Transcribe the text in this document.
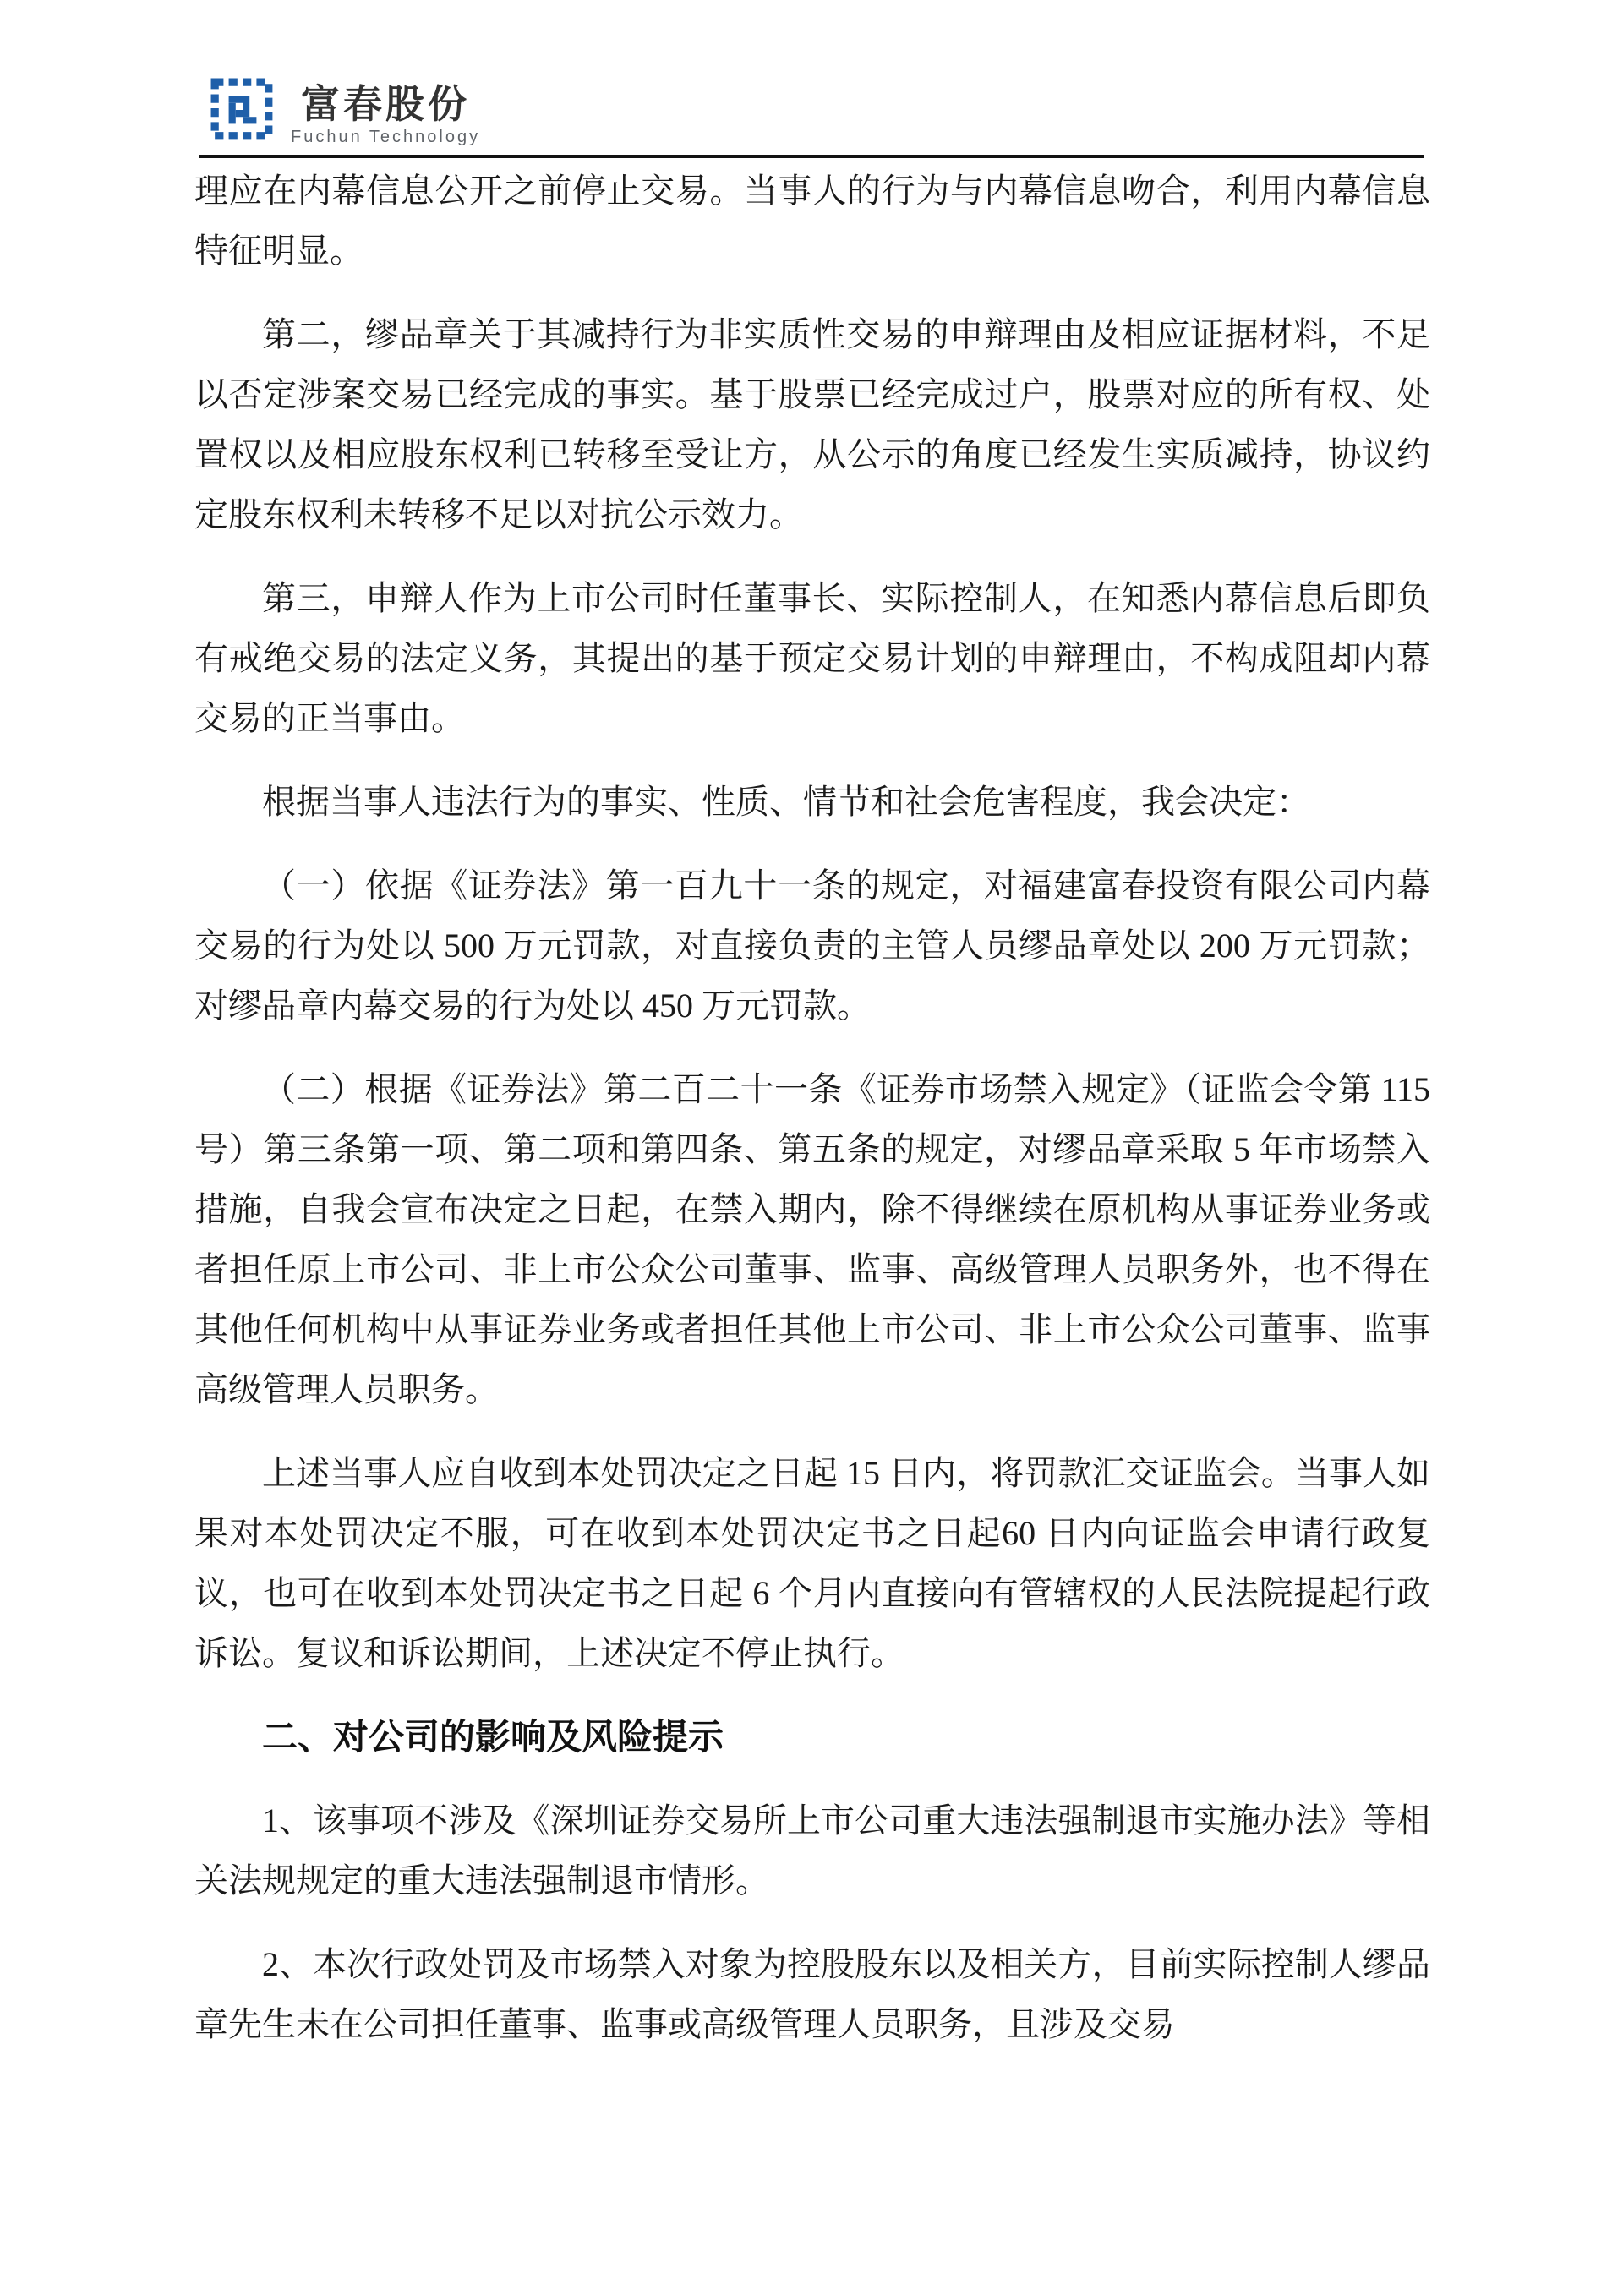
富春股份
Fuchun Technology

理应在内幕信息公开之前停止交易。当事人的行为与内幕信息吻合，利用内幕信息特征明显。

第二，缪品章关于其减持行为非实质性交易的申辩理由及相应证据材料，不足以否定涉案交易已经完成的事实。基于股票已经完成过户，股票对应的所有权、处置权以及相应股东权利已转移至受让方，从公示的角度已经发生实质减持，协议约定股东权利未转移不足以对抗公示效力。

第三，申辩人作为上市公司时任董事长、实际控制人，在知悉内幕信息后即负有戒绝交易的法定义务，其提出的基于预定交易计划的申辩理由，不构成阻却内幕交易的正当事由。

根据当事人违法行为的事实、性质、情节和社会危害程度，我会决定：

（一）依据《证券法》第一百九十一条的规定，对福建富春投资有限公司内幕交易的行为处以 500 万元罚款，对直接负责的主管人员缪品章处以 200 万元罚款；对缪品章内幕交易的行为处以 450 万元罚款。

（二）根据《证券法》第二百二十一条《证券市场禁入规定》（证监会令第 115 号）第三条第一项、第二项和第四条、第五条的规定，对缪品章采取 5 年市场禁入措施，自我会宣布决定之日起，在禁入期内，除不得继续在原机构从事证券业务或者担任原上市公司、非上市公众公司董事、监事、高级管理人员职务外，也不得在其他任何机构中从事证券业务或者担任其他上市公司、非上市公众公司董事、监事高级管理人员职务。

上述当事人应自收到本处罚决定之日起 15 日内，将罚款汇交证监会。当事人如果对本处罚决定不服，可在收到本处罚决定书之日起60 日内向证监会申请行政复议，也可在收到本处罚决定书之日起 6 个月内直接向有管辖权的人民法院提起行政诉讼。复议和诉讼期间，上述决定不停止执行。

二、对公司的影响及风险提示

1、该事项不涉及《深圳证券交易所上市公司重大违法强制退市实施办法》等相关法规规定的重大违法强制退市情形。

2、本次行政处罚及市场禁入对象为控股股东以及相关方，目前实际控制人缪品章先生未在公司担任董事、监事或高级管理人员职务，且涉及交易
